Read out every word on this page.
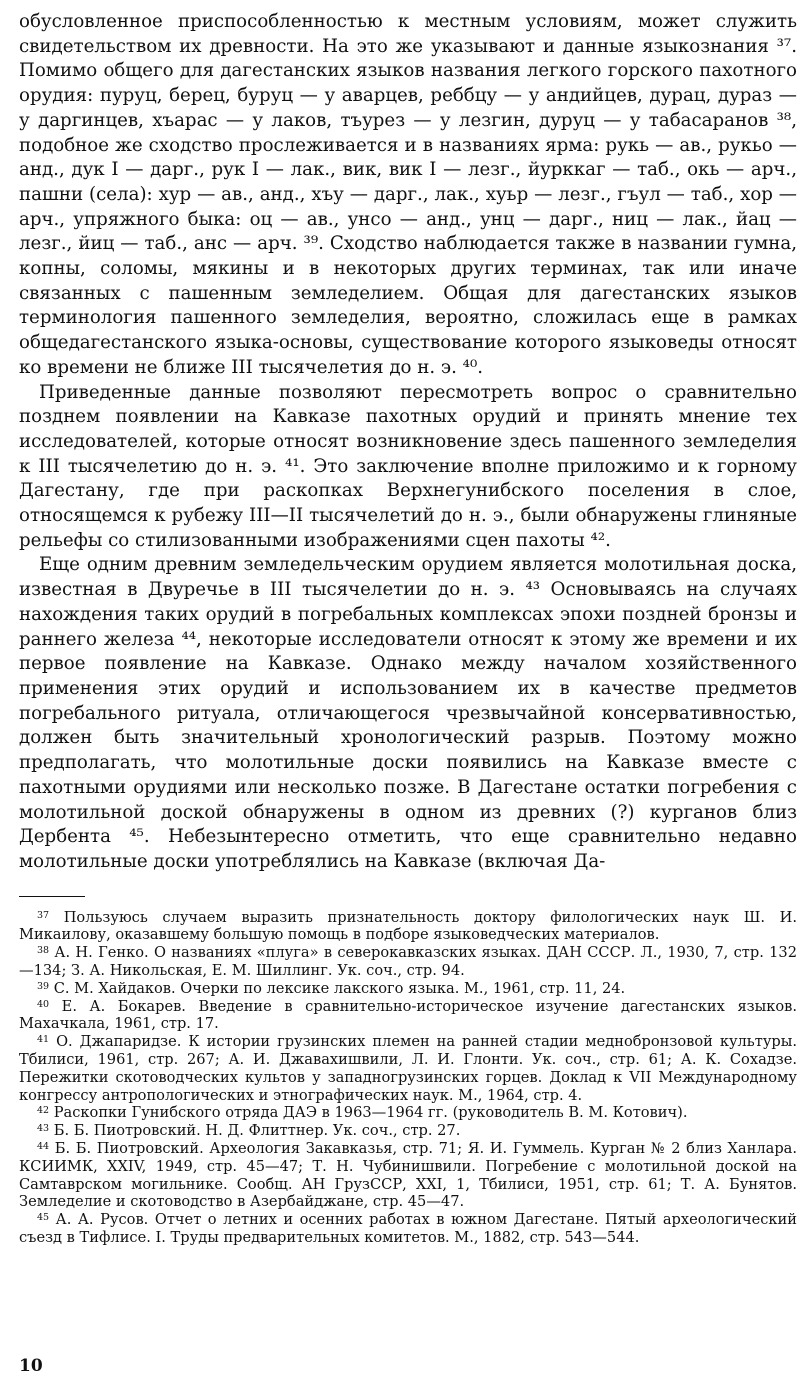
обусловленное приспособленностью к местным условиям, может служить свидетельством их древности. На это же указывают и данные языкознания ³⁷. Помимо общего для дагестанских языков названия легкого горского пахотного орудия: пуруц, берец, буруц — у аварцев, реббцу — у андийцев, дурац, дураз — у даргинцев, хъарас — у лаков, тъурез — у лезгин, дуруц — у табасаранов ³⁸, подобное же сходство прослеживается и в названиях ярма: рукь — ав., рукьо — анд., дук I — дарг., рук I — лак., вик, вик I — лезг., йурккаг — таб., окь — арч., пашни (села): хур — ав., анд., хъу — дарг., лак., хуьр — лезг., гъул — таб., хор — арч., упряжного быка: оц — ав., унсо — анд., унц — дарг., ниц — лак., йац — лезг., йиц — таб., анс — арч. ³⁹. Сходство наблюдается также в названии гумна, копны, соломы, мякины и в некоторых других терминах, так или иначе связанных с пашенным земледелием. Общая для дагестанских языков терминология пашенного земледелия, вероятно, сложилась еще в рамках общедагестанского языка-основы, существование которого языковеды относят ко времени не ближе III тысячелетия до н. э. ⁴⁰.

Приведенные данные позволяют пересмотреть вопрос о сравнительно позднем появлении на Кавказе пахотных орудий и принять мнение тех исследователей, которые относят возникновение здесь пашенного земледелия к III тысячелетию до н. э. ⁴¹. Это заключение вполне приложимо и к горному Дагестану, где при раскопках Верхнегунибского поселения в слое, относящемся к рубежу III—II тысячелетий до н. э., были обнаружены глиняные рельефы со стилизованными изображениями сцен пахоты ⁴².

Еще одним древним земледельческим орудием является молотильная доска, известная в Двуречье в III тысячелетии до н. э. ⁴³ Основываясь на случаях нахождения таких орудий в погребальных комплексах эпохи поздней бронзы и раннего железа ⁴⁴, некоторые исследователи относят к этому же времени и их первое появление на Кавказе. Однако между началом хозяйственного применения этих орудий и использованием их в качестве предметов погребального ритуала, отличающегося чрезвычайной консервативностью, должен быть значительный хронологический разрыв. Поэтому можно предполагать, что молотильные доски появились на Кавказе вместе с пахотными орудиями или несколько позже. В Дагестане остатки погребения с молотильной доской обнаружены в одном из древних (?) курганов близ Дербента ⁴⁵. Небезынтересно отметить, что еще сравнительно недавно молотильные доски употреблялись на Кавказе (включая Да-

$^{37}$ Пользуюсь случаем выразить признательность доктору филологических наук Ш. И. Микаилову, оказавшему большую помощь в подборе языковедческих материалов.

$^{38}$ А. Н. Генко. О названиях «плуга» в северокавказских языках. ДАН СССР. Л., 1930, 7, стр. 132—134; З. А. Никольская, Е. М. Шиллинг. Ук. соч., стр. 94.

$^{39}$ С. М. Хайдаков. Очерки по лексике лакского языка. М., 1961, стр. 11, 24.

$^{40}$ Е. А. Бокарев. Введение в сравнительно-историческое изучение дагестанских языков. Махачкала, 1961, стр. 17.

$^{41}$ О. Джапаридзе. К истории грузинских племен на ранней стадии меднобронзовой культуры. Тбилиси, 1961, стр. 267; А. И. Джавахишвили, Л. И. Глонти. Ук. соч., стр. 61; А. К. Сохадзе. Пережитки скотоводческих культов у западногрузинских горцев. Доклад к VII Международному конгрессу антропологических и этнографических наук. М., 1964, стр. 4.

$^{42}$ Раскопки Гунибского отряда ДАЭ в 1963—1964 гг. (руководитель В. М. Котович).

$^{43}$ Б. Б. Пиотровский. Н. Д. Флиттнер. Ук. соч., стр. 27.

$^{44}$ Б. Б. Пиотровский. Археология Закавказья, стр. 71; Я. И. Гуммель. Курган № 2 близ Ханлара. КСИИМК, XXIV, 1949, стр. 45—47; Т. Н. Чубинишвили. Погребение с молотильной доской на Самтаврском могильнике. Сообщ. АН ГрузССР, XXI, 1, Тбилиси, 1951, стр. 61; Т. А. Бунятов. Земледелие и скотоводство в Азербайджане, стр. 45—47.

$^{45}$ А. А. Русов. Отчет о летних и осенних работах в южном Дагестане. Пятый археологический съезд в Тифлисе. I. Труды предварительных комитетов. М., 1882, стр. 543—544.

10
